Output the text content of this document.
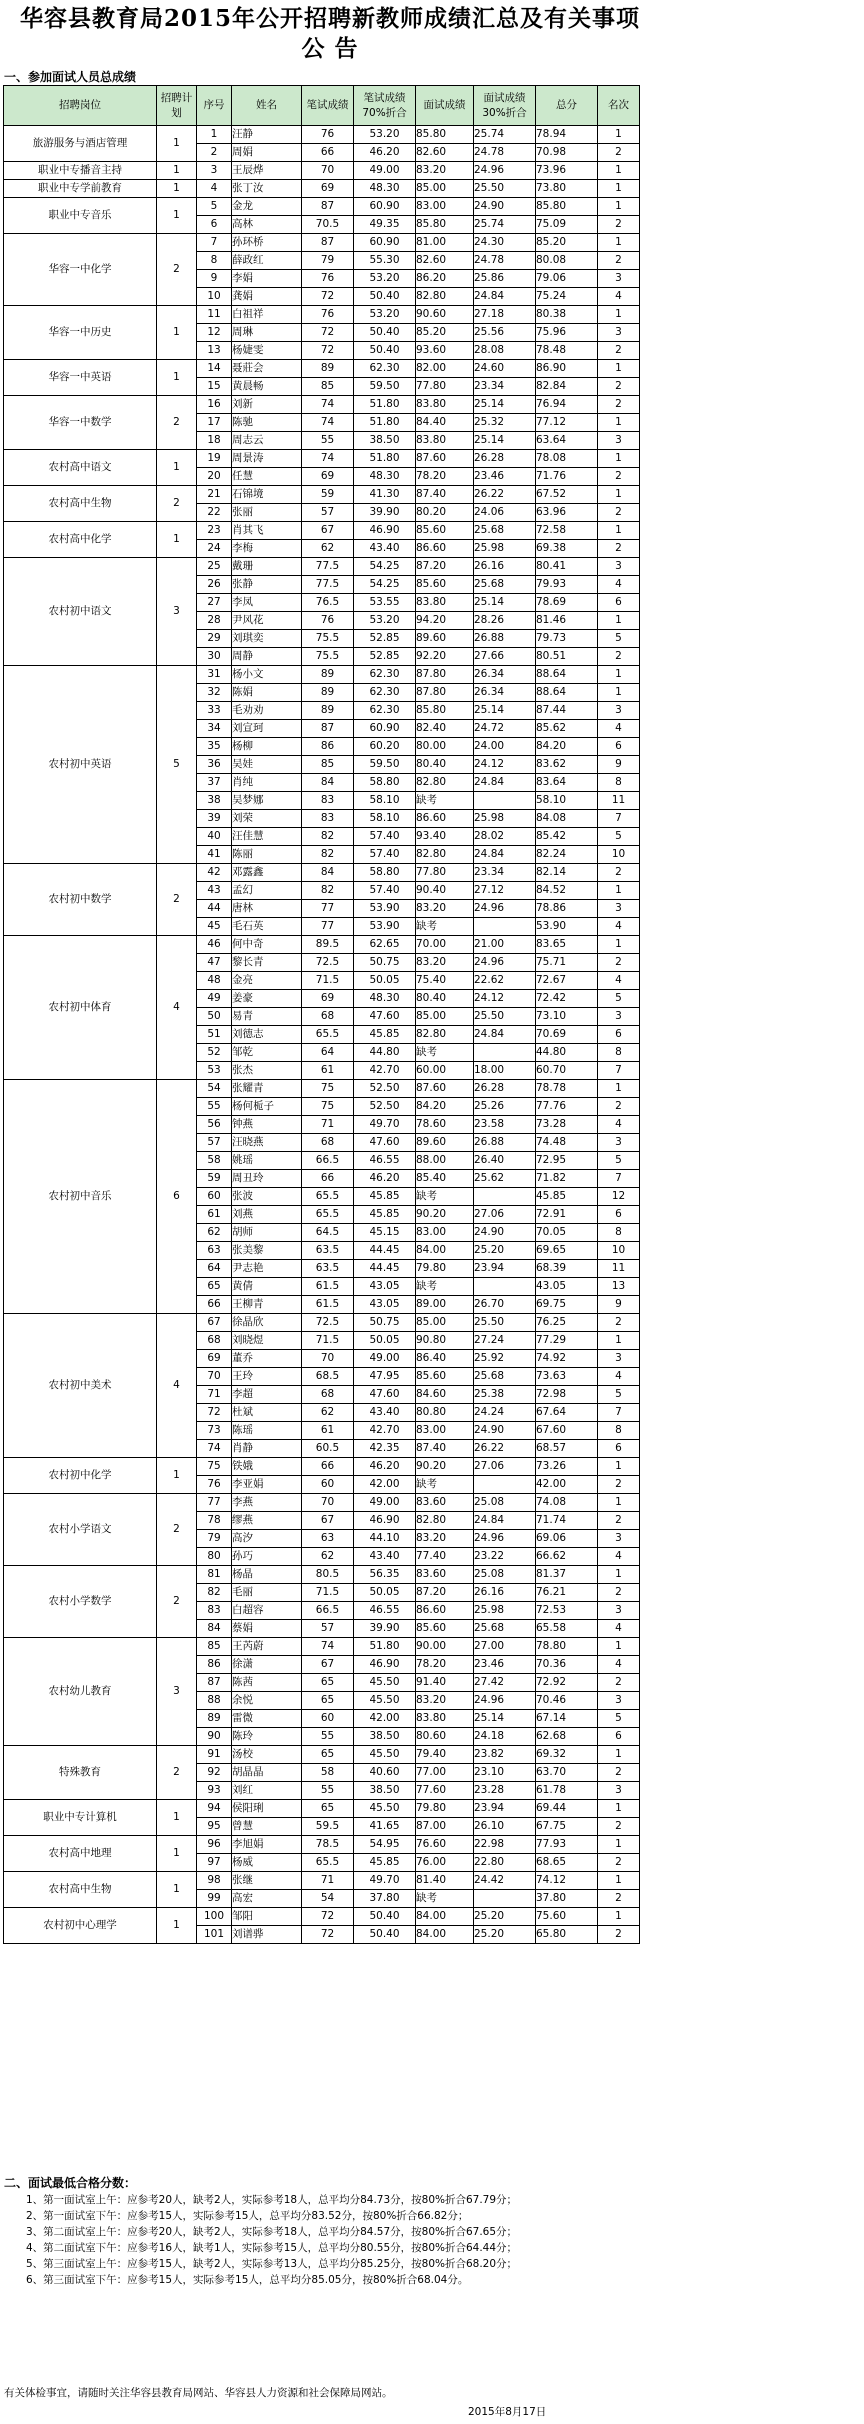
华容县教育局2015年公开招聘新教师成绩汇总及有关事项
公 告
一、参加面试人员总成绩
招聘岗位	招聘计划	序号	姓名	笔试成绩	笔试成绩70%折合	面试成绩	面试成绩30%折合	总分	名次
旅游服务与酒店管理	1	1	汪静	76	53.20	85.80	25.74	78.94	1
		2	周娟	66	46.20	82.60	24.78	70.98	2
职业中专播音主持	1	3	王辰烨	70	49.00	83.20	24.96	73.96	1
职业中专学前教育	1	4	张丁汝	69	48.30	85.00	25.50	73.80	1
职业中专音乐	1	5	金龙	87	60.90	83.00	24.90	85.80	1
		6	高林	70.5	49.35	85.80	25.74	75.09	2
华容一中化学	2	7	孙环桥	87	60.90	81.00	24.30	85.20	1
		8	薛政红	79	55.30	82.60	24.78	80.08	2
		9	李娟	76	53.20	86.20	25.86	79.06	3
		10	龚娟	72	50.40	82.80	24.84	75.24	4
华容一中历史	1	11	白祖祥	76	53.20	90.60	27.18	80.38	1
		12	周琳	72	50.40	85.20	25.56	75.96	3
		13	杨婕雯	72	50.40	93.60	28.08	78.48	2
华容一中英语	1	14	聂莊会	89	62.30	82.00	24.60	86.90	1
		15	黄晨畅	85	59.50	77.80	23.34	82.84	2
华容一中数学	2	16	刘新	74	51.80	83.80	25.14	76.94	2
		17	陈驰	74	51.80	84.40	25.32	77.12	1
		18	周志云	55	38.50	83.80	25.14	63.64	3
农村高中语文	1	19	周景涛	74	51.80	87.60	26.28	78.08	1
		20	任慧	69	48.30	78.20	23.46	71.76	2
农村高中生物	2	21	石锦境	59	41.30	87.40	26.22	67.52	1
		22	张丽	57	39.90	80.20	24.06	63.96	2
农村高中化学	1	23	肖其飞	67	46.90	85.60	25.68	72.58	1
		24	李梅	62	43.40	86.60	25.98	69.38	2
农村初中语文	3	25	戴珊	77.5	54.25	87.20	26.16	80.41	3
		26	张静	77.5	54.25	85.60	25.68	79.93	4
		27	李凤	76.5	53.55	83.80	25.14	78.69	6
		28	尹风花	76	53.20	94.20	28.26	81.46	1
		29	刘琪奕	75.5	52.85	89.60	26.88	79.73	5
		30	周静	75.5	52.85	92.20	27.66	80.51	2
农村初中英语	5	31	杨小文	89	62.30	87.80	26.34	88.64	1
		32	陈娟	89	62.30	87.80	26.34	88.64	1
		33	毛劝劝	89	62.30	85.80	25.14	87.44	3
		34	刘宣珂	87	60.90	82.40	24.72	85.62	4
		35	杨柳	86	60.20	80.00	24.00	84.20	6
		36	吴娃	85	59.50	80.40	24.12	83.62	9
		37	肖纯	84	58.80	82.80	24.84	83.64	8
		38	吴梦娜	83	58.10	缺考		58.10	11
		39	刘荣	83	58.10	86.60	25.98	84.08	7
		40	汪佳慧	82	57.40	93.40	28.02	85.42	5
		41	陈丽	82	57.40	82.80	24.84	82.24	10
农村初中数学	2	42	邓露鑫	84	58.80	77.80	23.34	82.14	2
		43	孟幻	82	57.40	90.40	27.12	84.52	1
		44	唐林	77	53.90	83.20	24.96	78.86	3
		45	毛石英	77	53.90	缺考		53.90	4
农村初中体育	4	46	何中奇	89.5	62.65	70.00	21.00	83.65	1
		47	黎长青	72.5	50.75	83.20	24.96	75.71	2
		48	金亮	71.5	50.05	75.40	22.62	72.67	4
		49	姜豪	69	48.30	80.40	24.12	72.42	5
		50	易青	68	47.60	85.00	25.50	73.10	3
		51	刘德志	65.5	45.85	82.80	24.84	70.69	6
		52	邹乾	64	44.80	缺考		44.80	8
		53	张杰	61	42.70	60.00	18.00	60.70	7
农村初中音乐	6	54	张耀青	75	52.50	87.60	26.28	78.78	1
		55	杨何栀子	75	52.50	84.20	25.26	77.76	2
		56	钟燕	71	49.70	78.60	23.58	73.28	4
		57	汪晓燕	68	47.60	89.60	26.88	74.48	3
		58	姚瑶	66.5	46.55	88.00	26.40	72.95	5
		59	周丑玲	66	46.20	85.40	25.62	71.82	7
		60	张波	65.5	45.85	缺考		45.85	12
		61	刘燕	65.5	45.85	90.20	27.06	72.91	6
		62	胡师	64.5	45.15	83.00	24.90	70.05	8
		63	张美黎	63.5	44.45	84.00	25.20	69.65	10
		64	尹志艳	63.5	44.45	79.80	23.94	68.39	11
		65	黄倩	61.5	43.05	缺考		43.05	13
		66	王柳青	61.5	43.05	89.00	26.70	69.75	9
农村初中美术	4	67	徐晶欣	72.5	50.75	85.00	25.50	76.25	2
		68	刘晓煜	71.5	50.05	90.80	27.24	77.29	1
		69	董乔	70	49.00	86.40	25.92	74.92	3
		70	王玲	68.5	47.95	85.60	25.68	73.63	4
		71	李超	68	47.60	84.60	25.38	72.98	5
		72	杜斌	62	43.40	80.80	24.24	67.64	7
		73	陈瑶	61	42.70	83.00	24.90	67.60	8
		74	肖静	60.5	42.35	87.40	26.22	68.57	6
农村初中化学	1	75	铁娥	66	46.20	90.20	27.06	73.26	1
		76	李亚娟	60	42.00	缺考		42.00	2
农村小学语文	2	77	李燕	70	49.00	83.60	25.08	74.08	1
		78	缪燕	67	46.90	82.80	24.84	71.74	2
		79	高汐	63	44.10	83.20	24.96	69.06	3
		80	孙巧	62	43.40	77.40	23.22	66.62	4
农村小学数学	2	81	杨晶	80.5	56.35	83.60	25.08	81.37	1
		82	毛丽	71.5	50.05	87.20	26.16	76.21	2
		83	白超容	66.5	46.55	86.60	25.98	72.53	3
		84	蔡娟	57	39.90	85.60	25.68	65.58	4
农村幼儿教育	3	85	王芮蔚	74	51.80	90.00	27.00	78.80	1
		86	徐潇	67	46.90	78.20	23.46	70.36	4
		87	陈茜	65	45.50	91.40	27.42	72.92	2
		88	余悦	65	45.50	83.20	24.96	70.46	3
		89	雷微	60	42.00	83.80	25.14	67.14	5
		90	陈玲	55	38.50	80.60	24.18	62.68	6
特殊教育	2	91	汤校	65	45.50	79.40	23.82	69.32	1
		92	胡晶晶	58	40.60	77.00	23.10	63.70	2
		93	刘红	55	38.50	77.60	23.28	61.78	3
职业中专计算机	1	94	侯阳琍	65	45.50	79.80	23.94	69.44	1
		95	曾慧	59.5	41.65	87.00	26.10	67.75	2
农村高中地理	1	96	李旭娟	78.5	54.95	76.60	22.98	77.93	1
		97	杨威	65.5	45.85	76.00	22.80	68.65	2
农村高中生物	1	98	张继	71	49.70	81.40	24.42	74.12	1
		99	高宏	54	37.80	缺考		37.80	2
农村初中心理学	1	100	邹阳	72	50.40	84.00	25.20	75.60	1
		101	刘谱骅	72	50.40	84.00	25.20	65.80	2
二、面试最低合格分数：
1、第一面试室上午：应参考20人，缺考2人，实际参考18人，总平均分84.73分，按80%折合67.79分；
2、第一面试室下午：应参考15人，实际参考15人，总平均分83.52分，按80%折合66.82分；
3、第二面试室上午：应参考20人，缺考2人，实际参考18人，总平均分84.57分，按80%折合67.65分；
4、第二面试室下午：应参考16人，缺考1人，实际参考15人，总平均分80.55分，按80%折合64.44分；
5、第三面试室上午：应参考15人，缺考2人，实际参考13人，总平均分85.25分，按80%折合68.20分；
6、第三面试室下午：应参考15人，实际参考15人，总平均分85.05分，按80%折合68.04分。
有关体检事宜，请随时关注华容县教育局网站、华容县人力资源和社会保障局网站。
2015年8月17日
